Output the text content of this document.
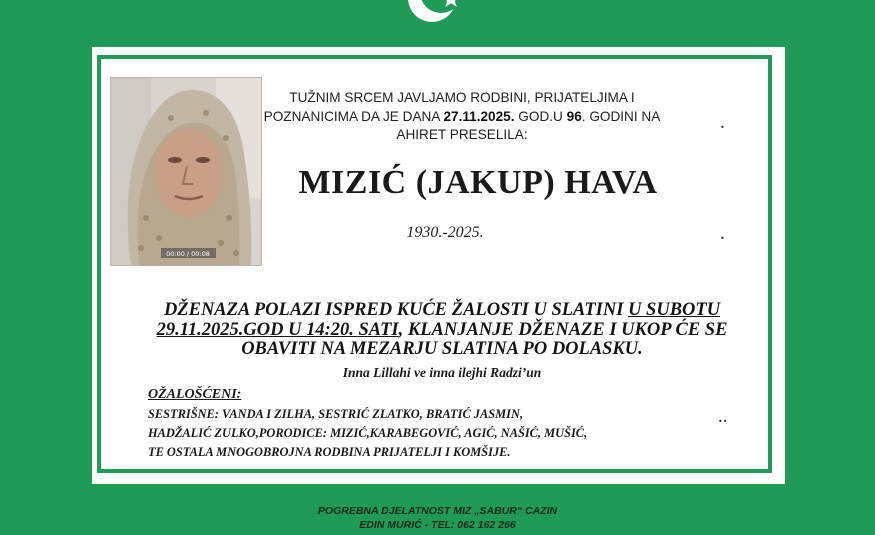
00:00 / 00:08
TUŽNIM SRCEM JAVLJAMO RODBINI, PRIJATELJIMA I
POZNANICIMA DA JE DANA 27.11.2025. GOD.U 96. GODINI NA
AHIRET PRESELILA:
MIZIĆ (JAKUP) HAVA
1930.-2025.
DŽENAZA POLAZI ISPRED KUĆE ŽALOSTI U SLATINI U SUBOTU
29.11.2025.GOD U 14:20. SATI, KLANJANJE DŽENAZE I UKOP ĆE SE
OBAVITI NA MEZARJU SLATINA PO DOLASKU.
Inna Lillahi ve inna ilejhi Radzi’un
OŽALOŠĆENI:
SESTRIŠNE: VANDA I ZILHA, SESTRIĆ ZLATKO, BRATIĆ JASMIN,
HADŽALIĆ ZULKO,PORODICE: MIZIĆ,KARABEGOVIĆ, AGIĆ, NAŠIĆ, MUŠIĆ,
TE OSTALA MNOGOBROJNA RODBINA PRIJATELJI I KOMŠIJE.
•
•
••
POGREBNA DJELATNOST MIZ „SABUR“ CAZIN
EDIN MURIĆ - TEL: 062 162 266
